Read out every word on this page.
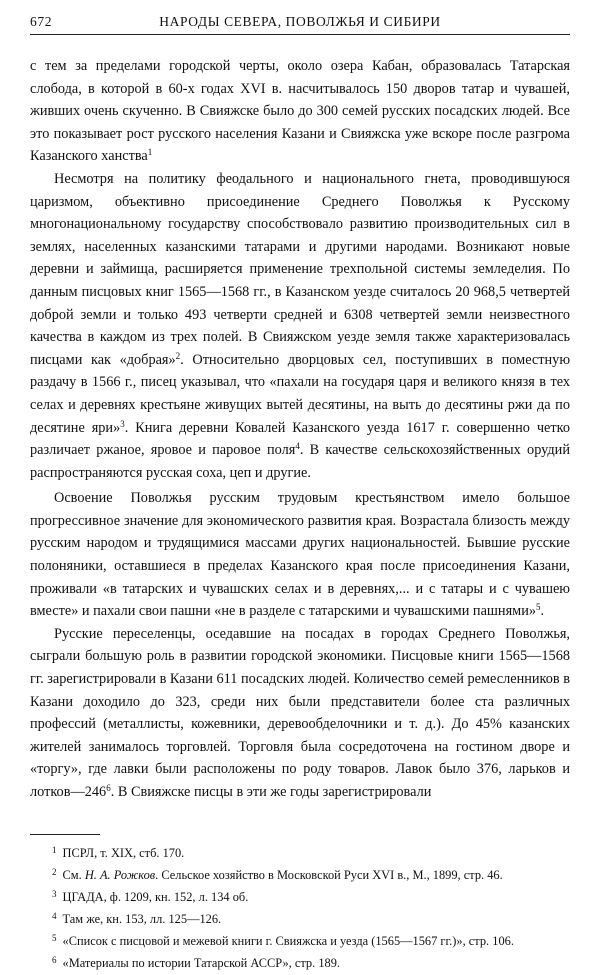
672	НАРОДЫ СЕВЕРА, ПОВОЛЖЬЯ И СИБИРИ

с тем за пределами городской черты, около озера Кабан, образовалась Татарская слобода, в которой в 60-х годах XVI в. насчитывалось 150 дворов татар и чувашей, живших очень скученно. В Свияжске было до 300 семей русских посадских людей. Все это показывает рост русского населения Казани и Свияжска уже вскоре после разгрома Казанского ханства$^1$

Несмотря на политику феодального и национального гнета, проводившуюся царизмом, объективно присоединение Среднего Поволжья к Русскому многонациональному государству способствовало развитию производительных сил в землях, населенных казанскими татарами и другими народами. Возникают новые деревни и займища, расширяется применение трехпольной системы земледелия. По данным писцовых книг 1565—1568 гг., в Казанском уезде считалось 20 968,5 четвертей доброй земли и только 493 четверти средней и 6308 четвертей земли неизвестного качества в каждом из трех полей. В Свияжском уезде земля также характеризовалась писцами как «добрая»$^2$. Относительно дворцовых сел, поступивших в поместную раздачу в 1566 г., писец указывал, что «пахали на государя царя и великого князя в тех селах и деревнях крестьяне живущих вытей десятины, на выть до десятины ржи да по десятине яри»$^3$. Книга деревни Ковалей Казанского уезда 1617 г. совершенно четко различает ржаное, яровое и паровое поля$^4$. В качестве сельскохозяйственных орудий распространяются русская соха, цеп и другие.

Освоение Поволжья русским трудовым крестьянством имело большое прогрессивное значение для экономического развития края. Возрастала близость между русским народом и трудящимися массами других национальностей. Бывшие русские полоняники, оставшиеся в пределах Казанского края после присоединения Казани, проживали «в татарских и чувашских селах и в деревнях,... и с татары и с чувашею вместе» и пахали свои пашни «не в разделе с татарскими и чувашскими пашнями»$^5$.

Русские переселенцы, оседавшие на посадах в городах Среднего Поволжья, сыграли большую роль в развитии городской экономики. Писцовые книги 1565—1568 гг. зарегистрировали в Казани 611 посадских людей. Количество семей ремесленников в Казани доходило до 323, среди них были представители более ста различных профессий (металлисты, кожевники, деревообделочники и т. д.). До 45% казанских жителей занималось торговлей. Торговля была сосредоточена на гостином дворе и «торгу», где лавки были расположены по роду товаров. Лавок было 376, ларьков и $лотков—246^6$. В Свияжске писцы в эти же годы зарегистрировали

$^1$ ПСРЛ, т. XIX, стб. 170.
$^2$ См. Н. А. Рожков. Сельское хозяйство в Московской Руси XVI в., М., 1899, стр. 46.
$^3$ ЦГАДА, ф. 1209, кн. 152, л. 134 об.
$^4$ Там же, кн. 153, лл. 125—126.
$^5$ «Список с писцовой и межевой книги г. Свияжска и уезда (1565—1567 гг.)», стр. 106.
$^6$ «Материалы по истории Татарской АССР», стр. 189.
